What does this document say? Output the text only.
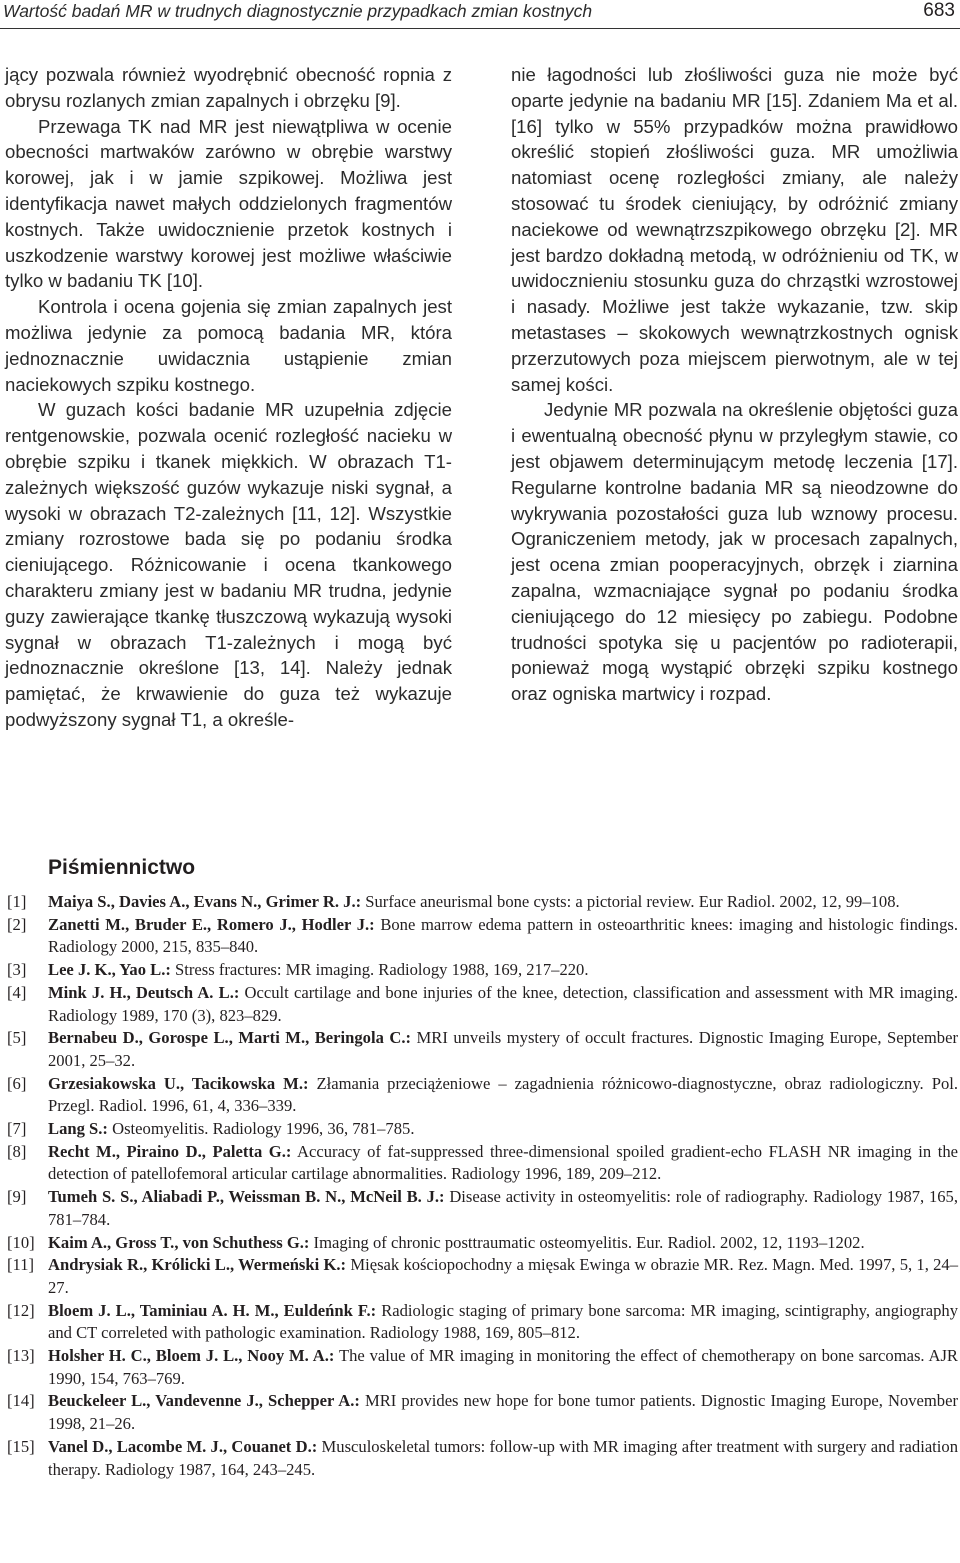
Wartość badań MR w trudnych diagnostycznie przypadkach zmian kostnych	683

jący pozwala również wyodrębnić obecność ropnia z obrysu rozlanych zmian zapalnych i obrzęku [9].

Przewaga TK nad MR jest niewątpliwa w ocenie obecności martwaków zarówno w obrębie warstwy korowej, jak i w jamie szpikowej. Możliwa jest identyfikacja nawet małych oddzielonych fragmentów kostnych. Także uwidocznienie przetok kostnych i uszkodzenie warstwy korowej jest możliwe właściwie tylko w badaniu TK [10].

Kontrola i ocena gojenia się zmian zapalnych jest możliwa jedynie za pomocą badania MR, która jednoznacznie uwidacznia ustąpienie zmian naciekowych szpiku kostnego.

W guzach kości badanie MR uzupełnia zdjęcie rentgenowskie, pozwala ocenić rozległość nacieku w obrębie szpiku i tkanek miękkich. W obrazach T1-zależnych większość guzów wykazuje niski sygnał, a wysoki w obrazach T2-zależnych [11, 12]. Wszystkie zmiany rozrostowe bada się po podaniu środka cieniującego. Różnicowanie i ocena tkankowego charakteru zmiany jest w badaniu MR trudna, jedynie guzy zawierające tkankę tłuszczową wykazują wysoki sygnał w obrazach T1-zależnych i mogą być jednoznacznie określone [13, 14]. Należy jednak pamiętać, że krwawienie do guza też wykazuje podwyższony sygnał T1, a określe-

nie łagodności lub złośliwości guza nie może być oparte jedynie na badaniu MR [15]. Zdaniem Ma et al. [16] tylko w 55% przypadków można prawidłowo określić stopień złośliwości guza. MR umożliwia natomiast ocenę rozległości zmiany, ale należy stosować tu środek cieniujący, by odróżnić zmiany naciekowe od wewnątrzszpikowego obrzęku [2]. MR jest bardzo dokładną metodą, w odróżnieniu od TK, w uwidocznieniu stosunku guza do chrząstki wzrostowej i nasady. Możliwe jest także wykazanie, tzw. skip metastases – skokowych wewnątrzkostnych ognisk przerzutowych poza miejscem pierwotnym, ale w tej samej kości.

Jedynie MR pozwala na określenie objętości guza i ewentualną obecność płynu w przyległym stawie, co jest objawem determinującym metodę leczenia [17]. Regularne kontrolne badania MR są nieodzowne do wykrywania pozostałości guza lub wznowy procesu. Ograniczeniem metody, jak w procesach zapalnych, jest ocena zmian pooperacyjnych, obrzęk i ziarnina zapalna, wzmacniające sygnał po podaniu środka cieniującego do 12 miesięcy po zabiegu. Podobne trudności spotyka się u pacjentów po radioterapii, ponieważ mogą wystąpić obrzęki szpiku kostnego oraz ogniska martwicy i rozpad.

Piśmiennictwo
[1] Maiya S., Davies A., Evans N., Grimer R. J.: Surface aneurismal bone cysts: a pictorial review. Eur Radiol. 2002, 12, 99–108.
[2] Zanetti M., Bruder E., Romero J., Hodler J.: Bone marrow edema pattern in osteoarthritic knees: imaging and histologic findings. Radiology 2000, 215, 835–840.
[3] Lee J. K., Yao L.: Stress fractures: MR imaging. Radiology 1988, 169, 217–220.
[4] Mink J. H., Deutsch A. L.: Occult cartilage and bone injuries of the knee, detection, classification and assessment with MR imaging. Radiology 1989, 170 (3), 823–829.
[5] Bernabeu D., Gorospe L., Marti M., Beringola C.: MRI unveils mystery of occult fractures. Dignostic Imaging Europe, September 2001, 25–32.
[6] Grzesiakowska U., Tacikowska M.: Złamania przeciążeniowe – zagadnienia różnicowo-diagnostyczne, obraz radiologiczny. Pol. Przegl. Radiol. 1996, 61, 4, 336–339.
[7] Lang S.: Osteomyelitis. Radiology 1996, 36, 781–785.
[8] Recht M., Piraino D., Paletta G.: Accuracy of fat-suppressed three-dimensional spoiled gradient-echo FLASH NR imaging in the detection of patellofemoral articular cartilage abnormalities. Radiology 1996, 189, 209–212.
[9] Tumeh S. S., Aliabadi P., Weissman B. N., McNeil B. J.: Disease activity in osteomyelitis: role of radiography. Radiology 1987, 165, 781–784.
[10] Kaim A., Gross T., von Schuthess G.: Imaging of chronic posttraumatic osteomyelitis. Eur. Radiol. 2002, 12, 1193–1202.
[11] Andrysiak R., Królicki L., Wermeński K.: Mięsak kościopochodny a mięsak Ewinga w obrazie MR. Rez. Magn. Med. 1997, 5, 1, 24–27.
[12] Bloem J. L., Taminiau A. H. M., Euldeńnk F.: Radiologic staging of primary bone sarcoma: MR imaging, scintigraphy, angiography and CT correleted with pathologic examination. Radiology 1988, 169, 805–812.
[13] Holsher H. C., Bloem J. L., Nooy M. A.: The value of MR imaging in monitoring the effect of chemotherapy on bone sarcomas. AJR 1990, 154, 763–769.
[14] Beuckeleer L., Vandevenne J., Schepper A.: MRI provides new hope for bone tumor patients. Dignostic Imaging Europe, November 1998, 21–26.
[15] Vanel D., Lacombe M. J., Couanet D.: Musculoskeletal tumors: follow-up with MR imaging after treatment with surgery and radiation therapy. Radiology 1987, 164, 243–245.
